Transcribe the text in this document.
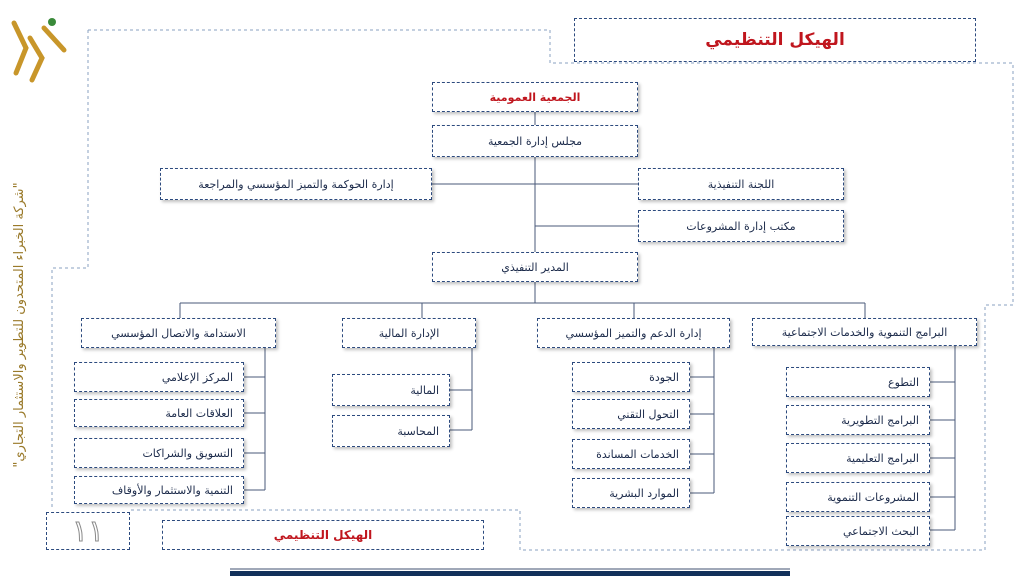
"شركة الخبراء المتحدون للتطوير والاستثمار التجاري"
الهيكل التنظيمي
الجمعية العمومية
مجلس إدارة الجمعية
إدارة الحوكمة والتميز المؤسسي والمراجعة	اللجنة التنفيذية
مكتب إدارة المشروعات
المدير التنفيذي
الاستدامة والاتصال المؤسسي	الإدارة المالية	إدارة الدعم والتميز المؤسسي	البرامج التنموية والخدمات الاجتماعية
المركز الإعلامي
العلاقات العامة
التسويق والشراكات
التنمية والاستثمار والأوقاف
المالية
المحاسبة
الجودة
التحول التقني
الخدمات المساندة
الموارد البشرية
التطوع
البرامج التطويرية
البرامج التعليمية
المشروعات التنموية
البحث الاجتماعي
١١	الهيكل التنظيمي
